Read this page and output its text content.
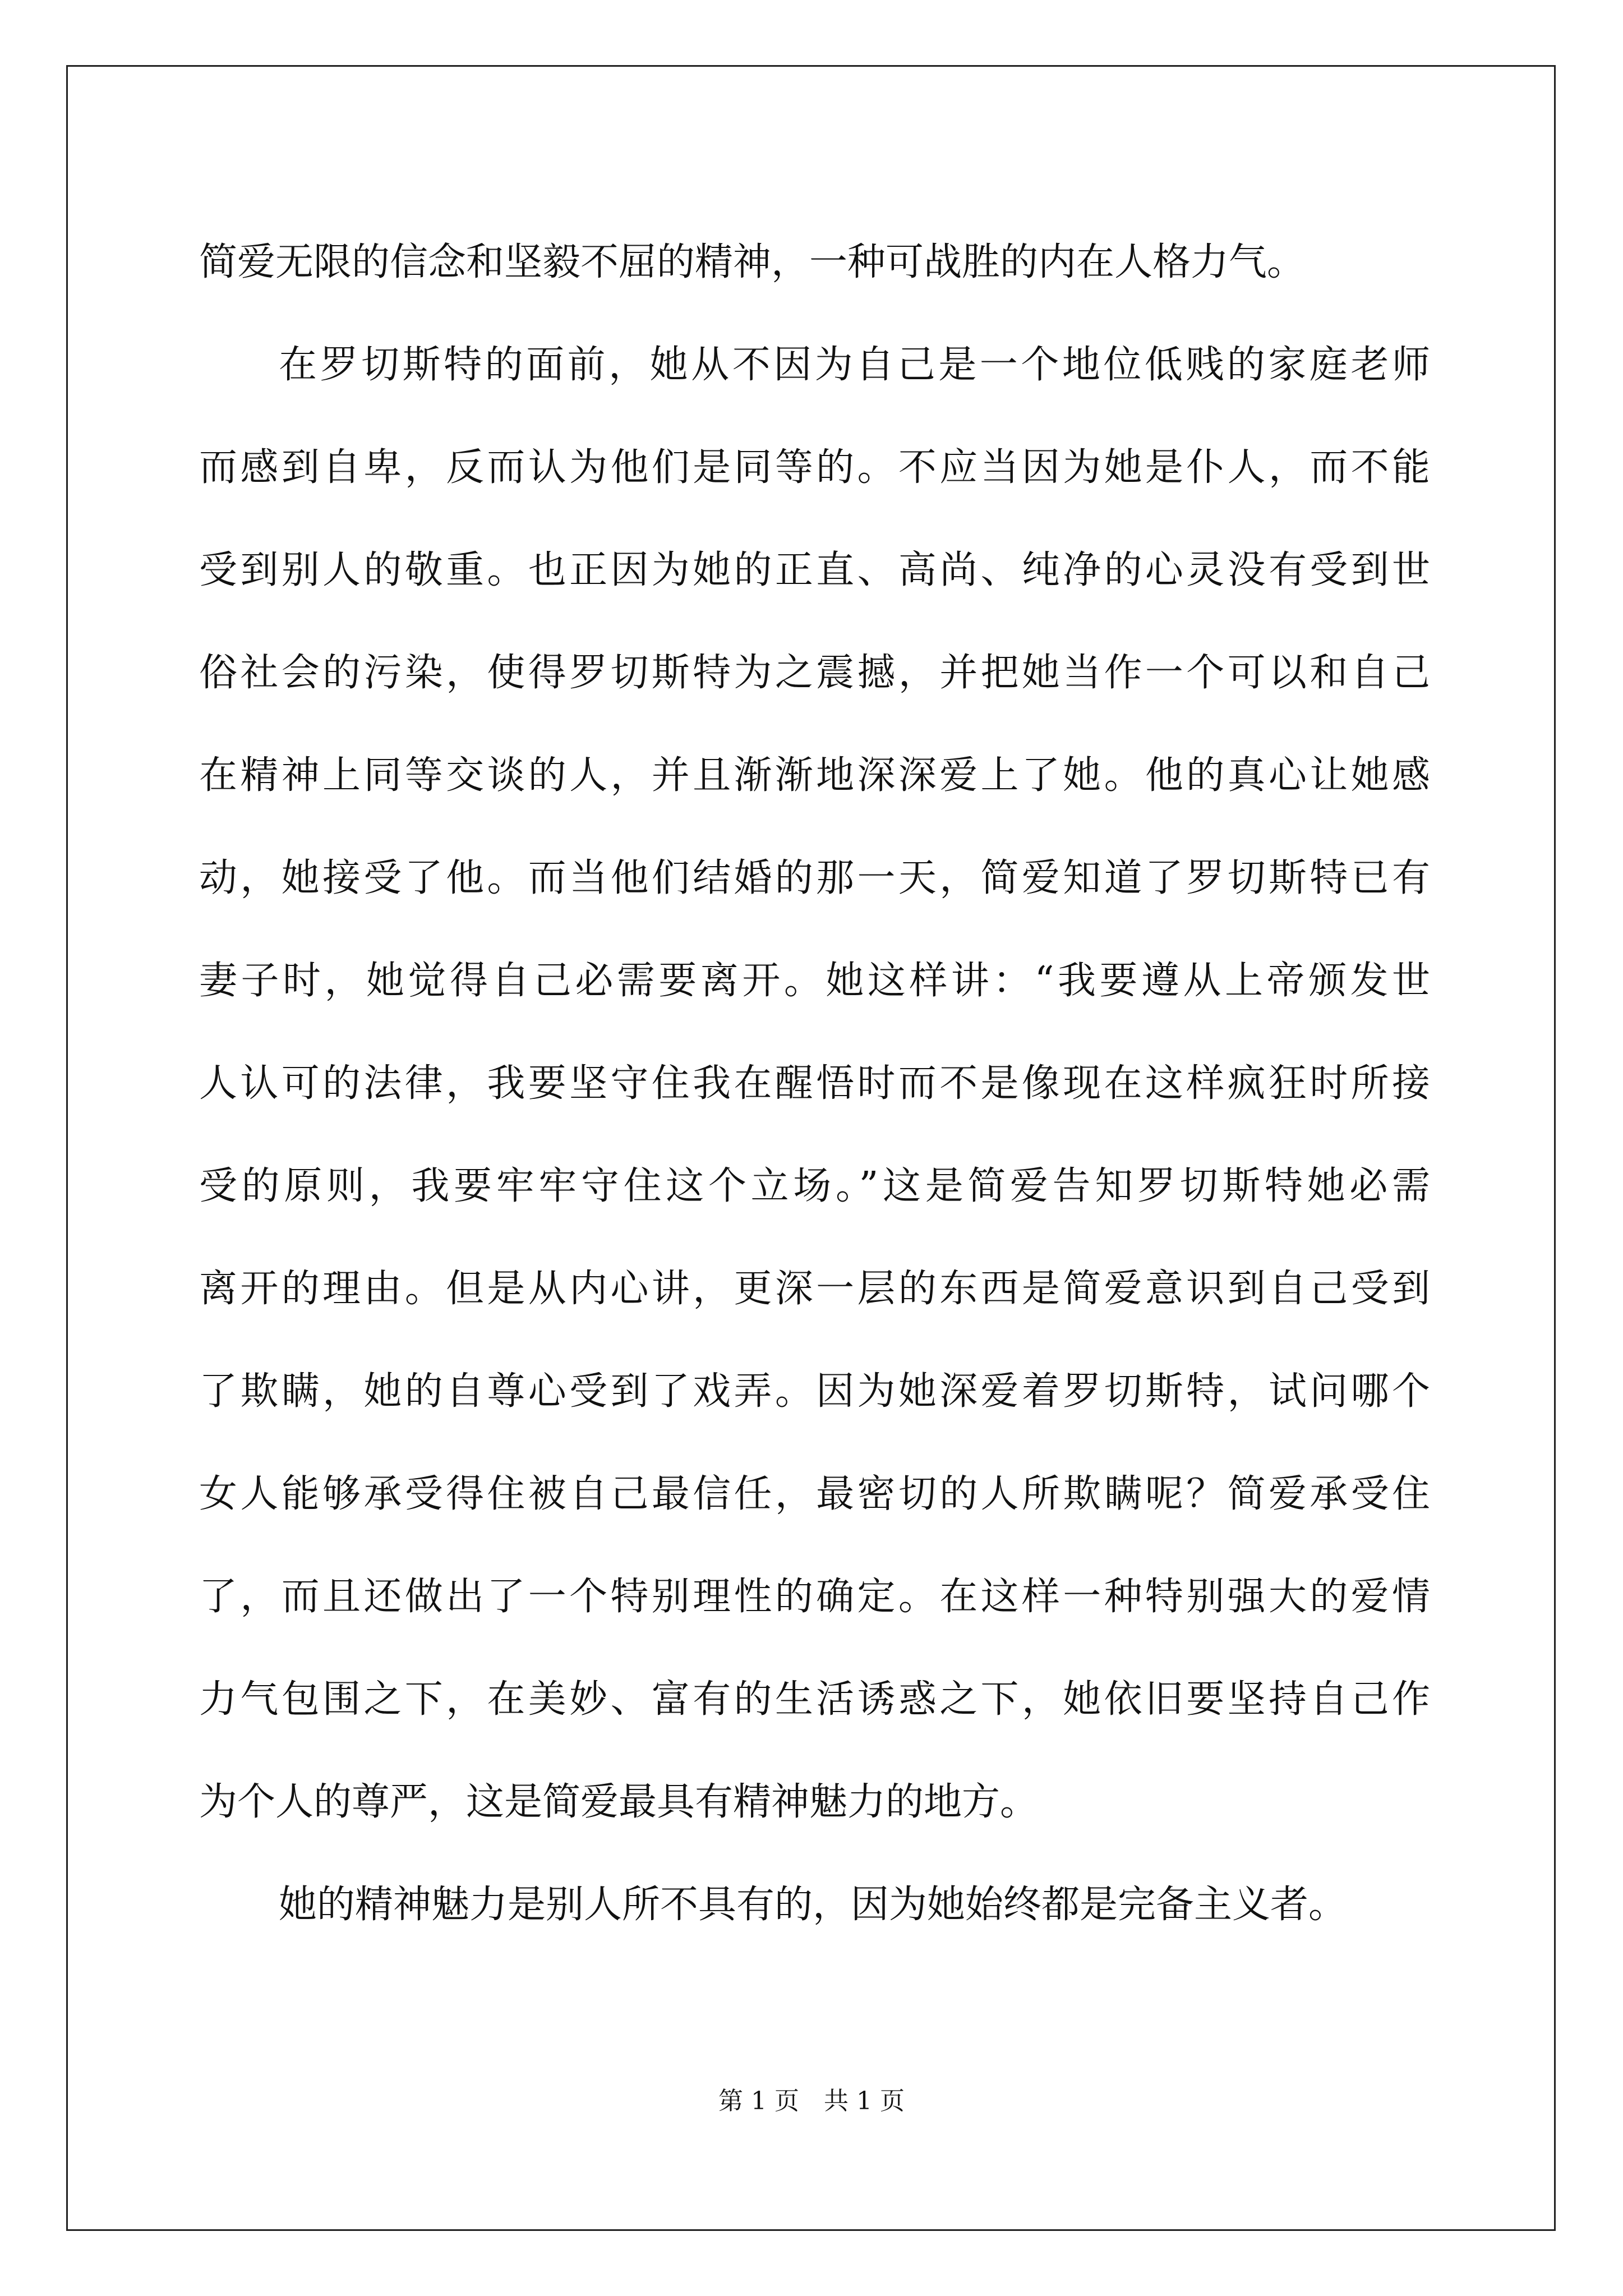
简爱无限的信念和坚毅不屈的精神，一种可战胜的内在人格力气。
在罗切斯特的面前，她从不因为自己是一个地位低贱的家庭老师
而感到自卑，反而认为他们是同等的。不应当因为她是仆人，而不能
受到别人的敬重。也正因为她的正直、高尚、纯净的心灵没有受到世
俗社会的污染，使得罗切斯特为之震撼，并把她当作一个可以和自己
在精神上同等交谈的人，并且渐渐地深深爱上了她。他的真心让她感
动，她接受了他。而当他们结婚的那一天，简爱知道了罗切斯特已有
妻子时，她觉得自己必需要离开。她这样讲：“我要遵从上帝颁发世
人认可的法律，我要坚守住我在醒悟时而不是像现在这样疯狂时所接
受的原则，我要牢牢守住这个立场。”这是简爱告知罗切斯特她必需
离开的理由。但是从内心讲，更深一层的东西是简爱意识到自己受到
了欺瞒，她的自尊心受到了戏弄。因为她深爱着罗切斯特，试问哪个
女人能够承受得住被自己最信任，最密切的人所欺瞒呢？简爱承受住
了，而且还做出了一个特别理性的确定。在这样一种特别强大的爱情
力气包围之下，在美妙、富有的生活诱惑之下，她依旧要坚持自己作
为个人的尊严，这是简爱最具有精神魅力的地方。
她的精神魅力是别人所不具有的，因为她始终都是完备主义者。
第 1 页　共 1 页
